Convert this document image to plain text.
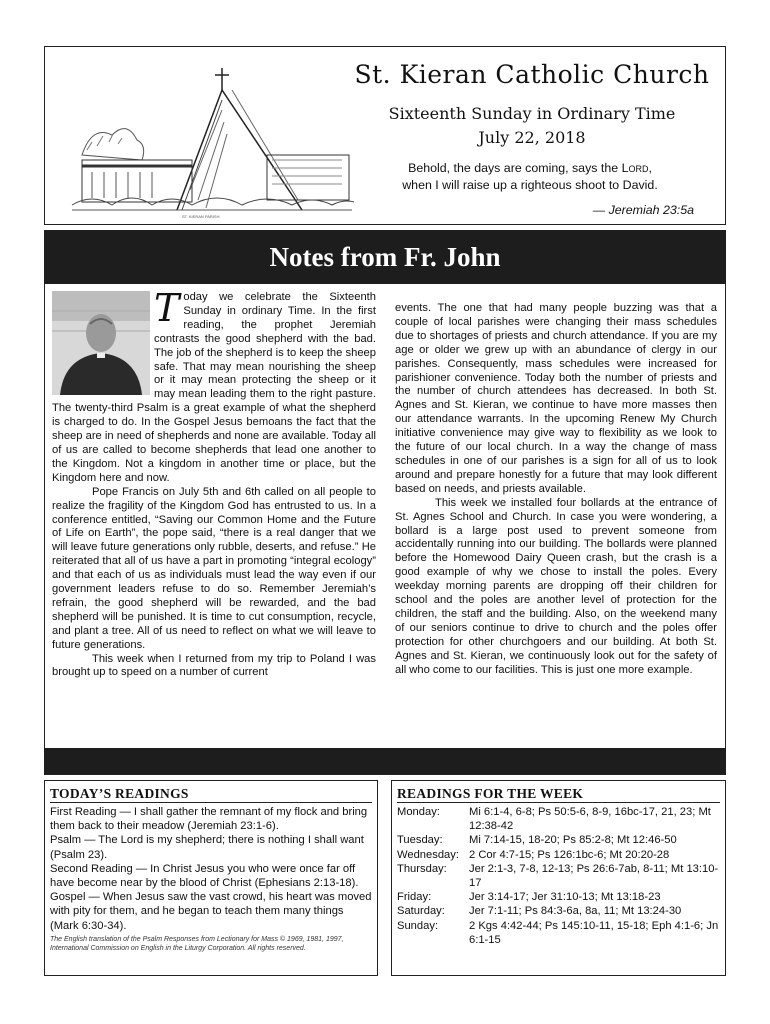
ST. KIERAN PARISH
St. Kieran Catholic Church
Sixteenth Sunday in Ordinary Time
July 22, 2018
Behold, the days are coming, says the Lord,
when I will raise up a righteous shoot to David.
— Jeremiah 23:5a
Notes from Fr. John

Today we celebrate the Sixteenth Sunday in ordinary Time. In the first reading, the prophet Jeremiah contrasts the good shepherd with the bad. The job of the shepherd is to keep the sheep safe. That may mean nourishing the sheep or it may mean protecting the sheep or it may mean leading them to the right pasture. The twenty-third Psalm is a great example of what the shepherd is charged to do. In the Gospel Jesus bemoans the fact that the sheep are in need of shepherds and none are available. Today all of us are called to become shepherds that lead one another to the Kingdom. Not a kingdom in another time or place, but the Kingdom here and now.

Pope Francis on July 5th and 6th called on all people to realize the fragility of the Kingdom God has entrusted to us. In a conference entitled, “Saving our Common Home and the Future of Life on Earth”, the pope said, “there is a real danger that we will leave future generations only rubble, deserts, and refuse.” He reiterated that all of us have a part in promoting “integral ecology” and that each of us as individuals must lead the way even if our government leaders refuse to do so. Remember Jeremiah’s refrain, the good shepherd will be rewarded, and the bad shepherd will be punished. It is time to cut consumption, recycle, and plant a tree. All of us need to reflect on what we will leave to future generations.

This week when I returned from my trip to Poland I was brought up to speed on a number of current

events. The one that had many people buzzing was that a couple of local parishes were changing their mass schedules due to shortages of priests and church attendance. If you are my age or older we grew up with an abundance of clergy in our parishes. Consequently, mass schedules were increased for parishioner convenience. Today both the number of priests and the number of church attendees has decreased. In both St. Agnes and St. Kieran, we continue to have more masses then our attendance warrants. In the upcoming Renew My Church initiative convenience may give way to flexibility as we look to the future of our local church. In a way the change of mass schedules in one of our parishes is a sign for all of us to look around and prepare honestly for a future that may look different based on needs, and priests available.

This week we installed four bollards at the entrance of St. Agnes School and Church. In case you were wondering, a bollard is a large post used to prevent someone from accidentally running into our building. The bollards were planned before the Homewood Dairy Queen crash, but the crash is a good example of why we chose to install the poles. Every weekday morning parents are dropping off their children for school and the poles are another level of protection for the children, the staff and the building. Also, on the weekend many of our seniors continue to drive to church and the poles offer protection for other churchgoers and our building. At both St. Agnes and St. Kieran, we continuously look out for the safety of all who come to our facilities. This is just one more example.

TODAY’S READINGS

First Reading — I shall gather the remnant of my flock and bring them back to their meadow (Jeremiah 23:1-6).

Psalm — The Lord is my shepherd; there is nothing I shall want (Psalm 23).

Second Reading — In Christ Jesus you who were once far off have become near by the blood of Christ (Ephesians 2:13-18).

Gospel — When Jesus saw the vast crowd, his heart was moved with pity for them, and he began to teach them many things (Mark 6:30-34).

The English translation of the Psalm Responses from Lectionary for Mass © 1969, 1981, 1997, International Commission on English in the Liturgy Corporation. All rights reserved.
READINGS FOR THE WEEK
Monday:	Mi 6:1-4, 6-8; Ps 50:5-6, 8-9, 16bc-17, 21, 23; Mt 12:38-42
Tuesday:	Mi 7:14-15, 18-20; Ps 85:2-8; Mt 12:46-50
Wednesday: 2 Cor 4:7-15; Ps 126:1bc-6; Mt 20:20-28
Thursday:	Jer 2:1-3, 7-8, 12-13; Ps 26:6-7ab, 8-11; Mt 13:10-17
Friday:	Jer 3:14-17; Jer 31:10-13; Mt 13:18-23
Saturday:	Jer 7:1-11; Ps 84:3-6a, 8a, 11; Mt 13:24-30
Sunday:	2 Kgs 4:42-44; Ps 145:10-11, 15-18; Eph 4:1-6; Jn 6:1-15
